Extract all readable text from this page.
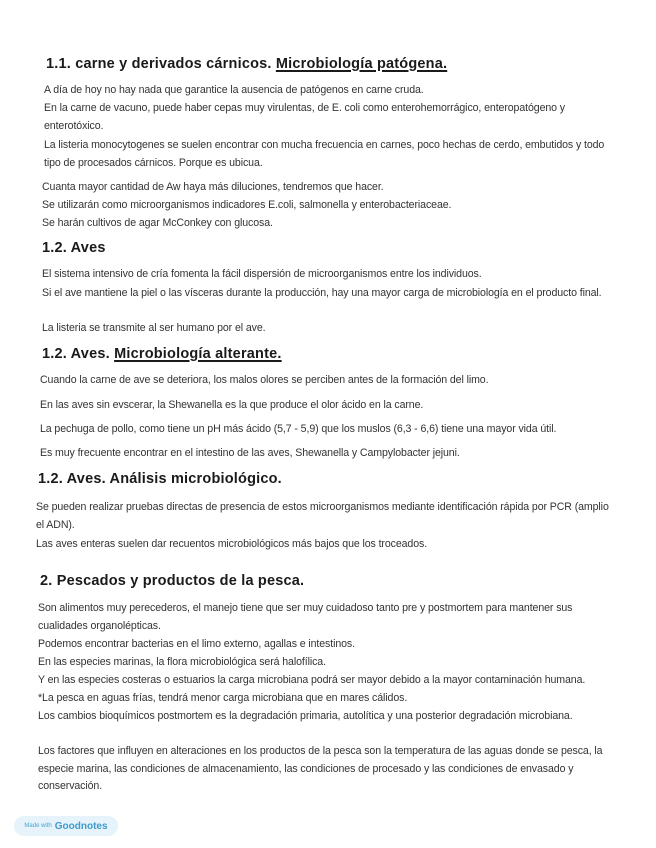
1.1. carne y derivados cárnicos. Microbiología patógena.

A día de hoy no hay nada que garantice la ausencia de patógenos en carne cruda.

En la carne de vacuno, puede haber cepas muy virulentas, de E. coli como enterohemorrágico, enteropatógeno y enterotóxico.

La listeria monocytogenes se suelen encontrar con mucha frecuencia en carnes, poco hechas de cerdo, embutidos y todo tipo de procesados cárnicos. Porque es ubicua.

Cuanta mayor cantidad de Aw haya más diluciones, tendremos que hacer.

Se utilizarán como microorganismos indicadores E.coli, salmonella y enterobacteriaceae.

Se harán cultivos de agar McConkey con glucosa.

1.2. Aves

El sistema intensivo de cría fomenta la fácil dispersión de microorganismos entre los individuos.

Si el ave mantiene la piel o las vísceras durante la producción, hay una mayor carga de microbiología en el producto final.

La listeria se transmite al ser humano por el ave.

1.2. Aves. Microbiología alterante.

Cuando la carne de ave se deteriora, los malos olores se perciben antes de la formación del limo.

En las aves sin evscerar, la Shewanella es la que produce el olor ácido en la carne.

La pechuga de pollo, como tiene un pH más ácido (5,7 - 5,9) que los muslos (6,3 - 6,6) tiene una mayor vida útil.

Es muy frecuente encontrar en el intestino de las aves, Shewanella y Campylobacter jejuni.

1.2. Aves. Análisis microbiológico.

Se pueden realizar pruebas directas de presencia de estos microorganismos mediante identificación rápida por PCR (amplio el ADN).

Las aves enteras suelen dar recuentos microbiológicos más bajos que los troceados.

2. Pescados y productos de la pesca.

Son alimentos muy perecederos, el manejo tiene que ser muy cuidadoso tanto pre y postmortem para mantener sus cualidades organolépticas.

Podemos encontrar bacterias en el limo externo, agallas e intestinos.

En las especies marinas, la flora microbiológica será halofílica.

Y en las especies costeras o estuarios la carga microbiana podrá ser mayor debido a la mayor contaminación humana.

*La pesca en aguas frías, tendrá menor carga microbiana que en mares cálidos.

Los cambios bioquímicos postmortem es la degradación primaria, autolítica y una posterior degradación microbiana.

Los factores que influyen en alteraciones en los productos de la pesca son la temperatura de las aguas donde se pesca, la especie marina, las condiciones de almacenamiento, las condiciones de procesado y las condiciones de envasado y conservación.

Made with Goodnotes
